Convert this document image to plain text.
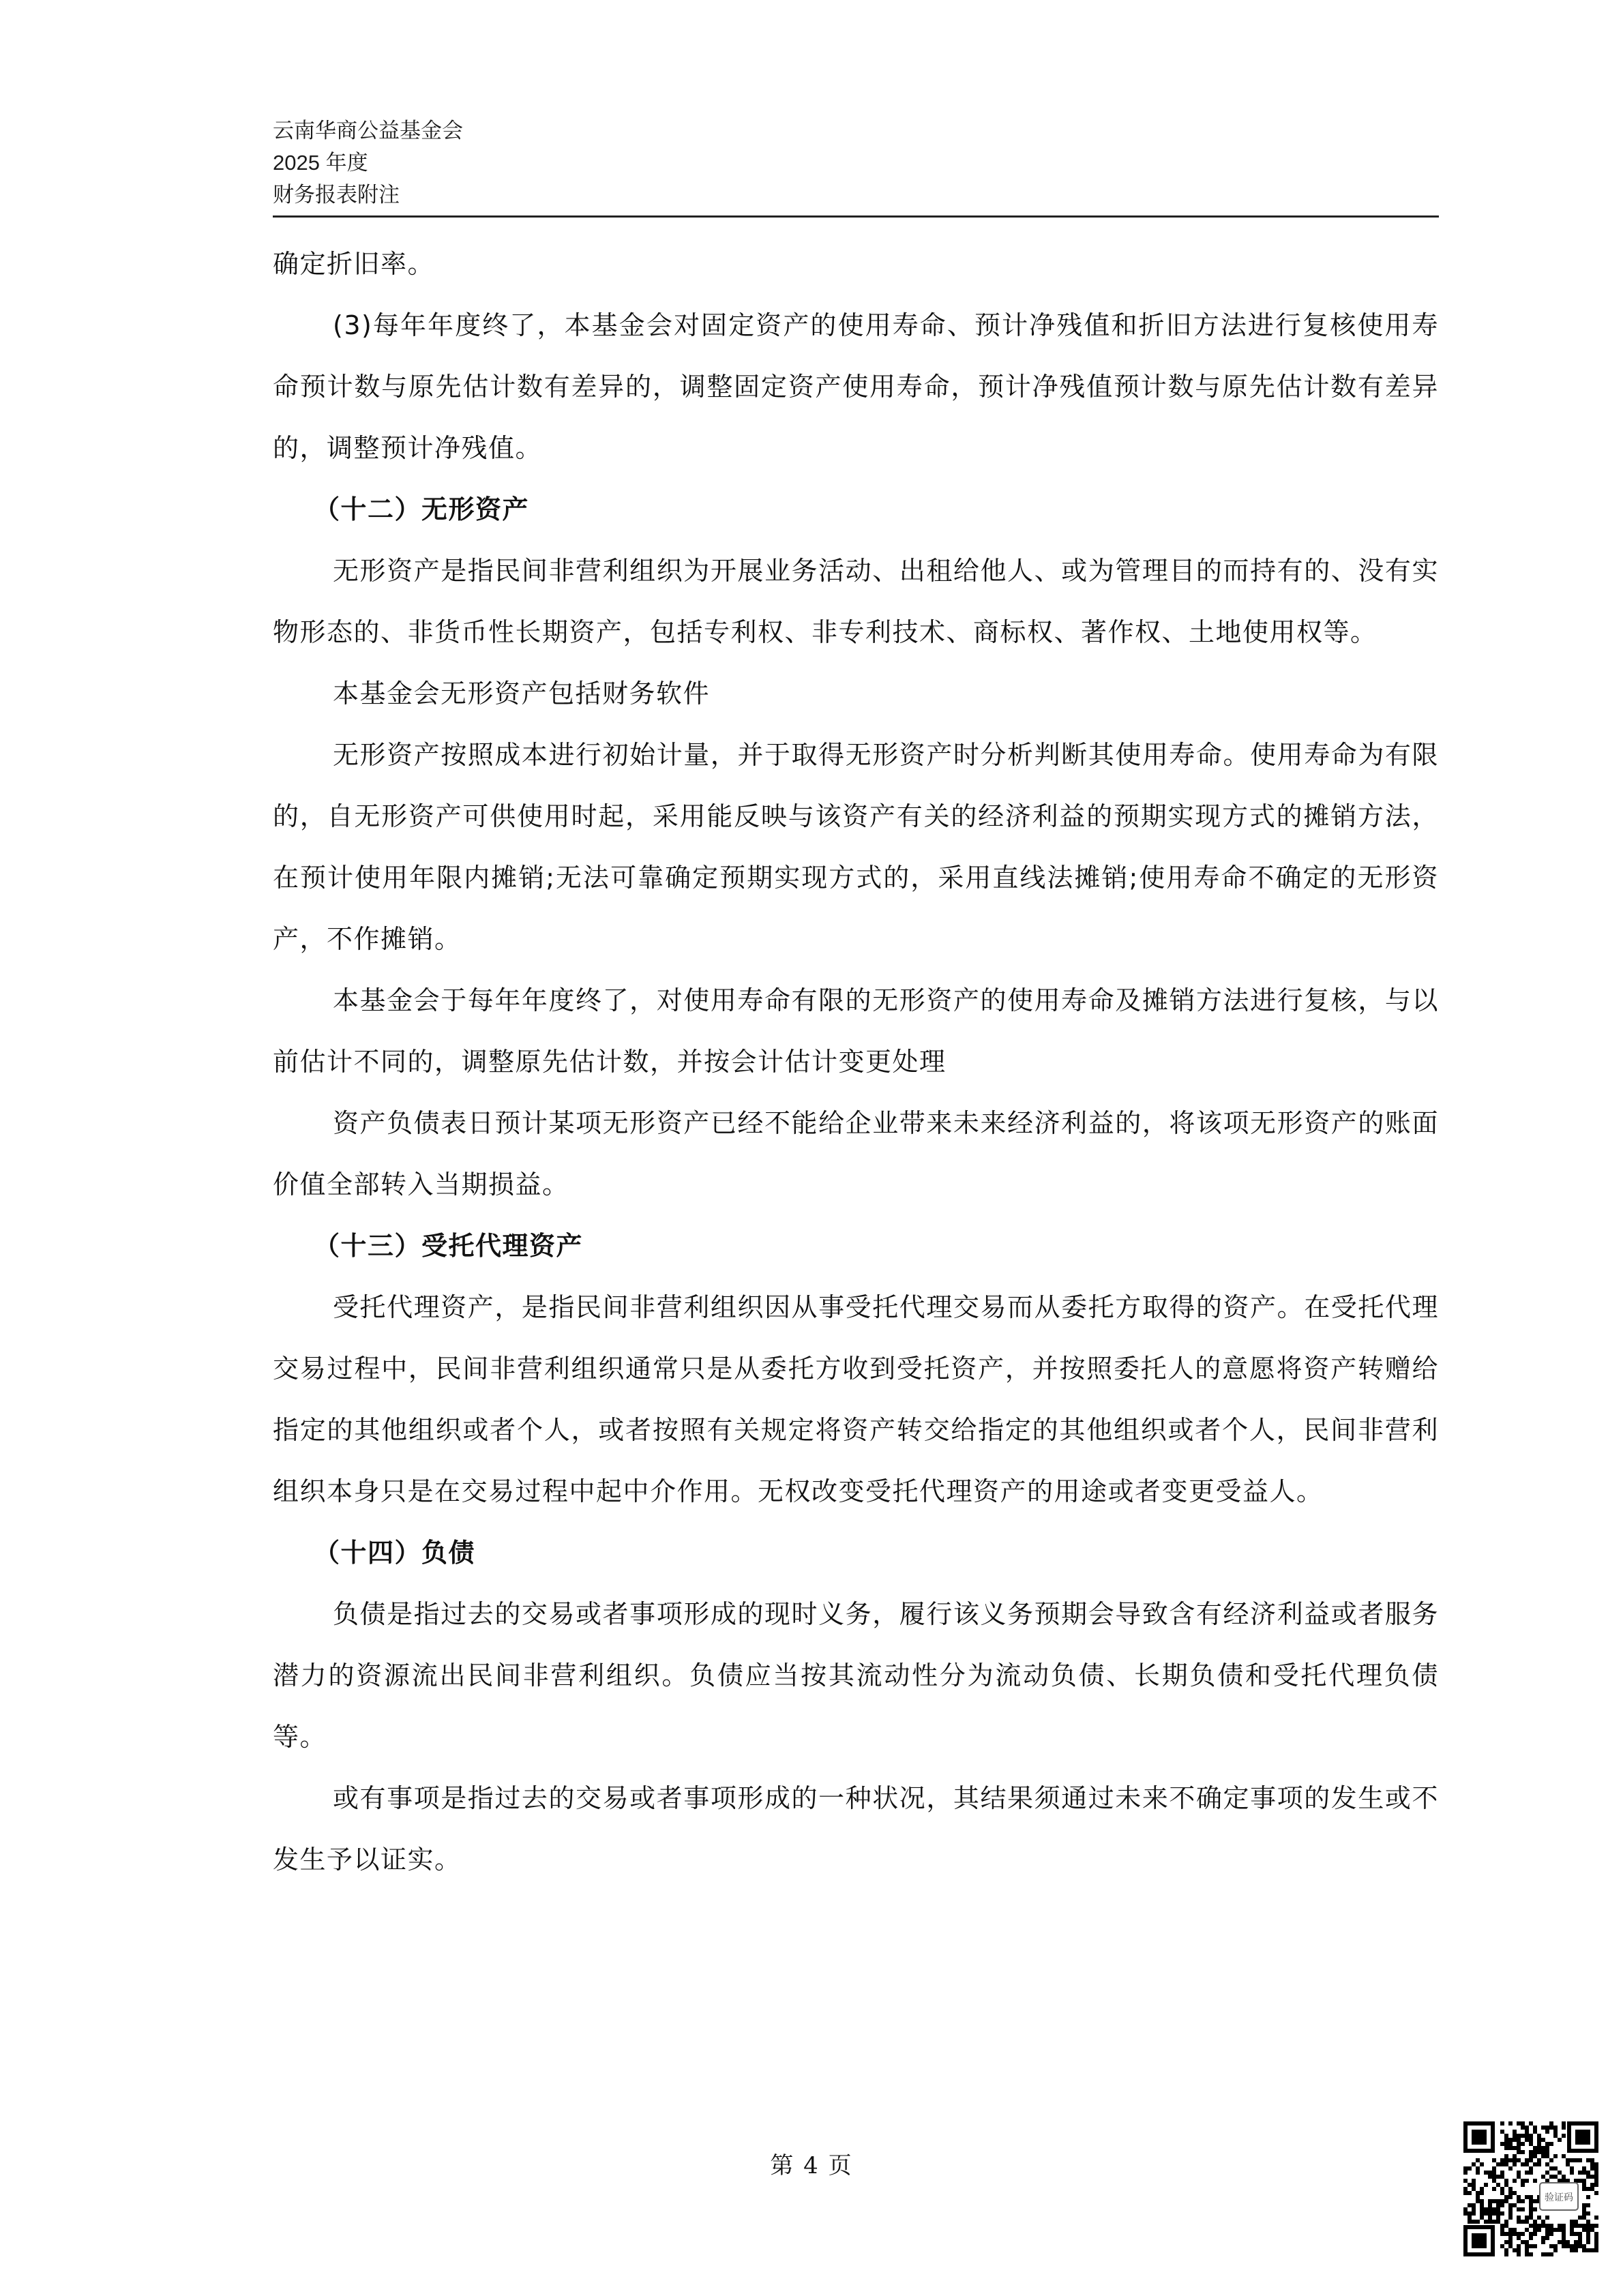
云南华商公益基金会
2025 年度
财务报表附注

确定折旧率。

(3)每年年度终了，本基金会对固定资产的使用寿命、预计净残值和折旧方法进行复核使用寿命预计数与原先估计数有差异的，调整固定资产使用寿命，预计净残值预计数与原先估计数有差异的，调整预计净残值。

（十二）无形资产

无形资产是指民间非营利组织为开展业务活动、出租给他人、或为管理目的而持有的、没有实物形态的、非货币性长期资产，包括专利权、非专利技术、商标权、著作权、土地使用权等。

本基金会无形资产包括财务软件

无形资产按照成本进行初始计量，并于取得无形资产时分析判断其使用寿命。使用寿命为有限的，自无形资产可供使用时起，采用能反映与该资产有关的经济利益的预期实现方式的摊销方法，在预计使用年限内摊销;无法可靠确定预期实现方式的，采用直线法摊销;使用寿命不确定的无形资产，不作摊销。

本基金会于每年年度终了，对使用寿命有限的无形资产的使用寿命及摊销方法进行复核，与以前估计不同的，调整原先估计数，并按会计估计变更处理

资产负债表日预计某项无形资产已经不能给企业带来未来经济利益的，将该项无形资产的账面价值全部转入当期损益。

（十三）受托代理资产

受托代理资产，是指民间非营利组织因从事受托代理交易而从委托方取得的资产。在受托代理交易过程中，民间非营利组织通常只是从委托方收到受托资产，并按照委托人的意愿将资产转赠给指定的其他组织或者个人，或者按照有关规定将资产转交给指定的其他组织或者个人，民间非营利组织本身只是在交易过程中起中介作用。无权改变受托代理资产的用途或者变更受益人。

（十四）负债

负债是指过去的交易或者事项形成的现时义务，履行该义务预期会导致含有经济利益或者服务潜力的资源流出民间非营利组织。负债应当按其流动性分为流动负债、长期负债和受托代理负债等。

或有事项是指过去的交易或者事项形成的一种状况，其结果须通过未来不确定事项的发生或不发生予以证实。

第 4 页
验证码
